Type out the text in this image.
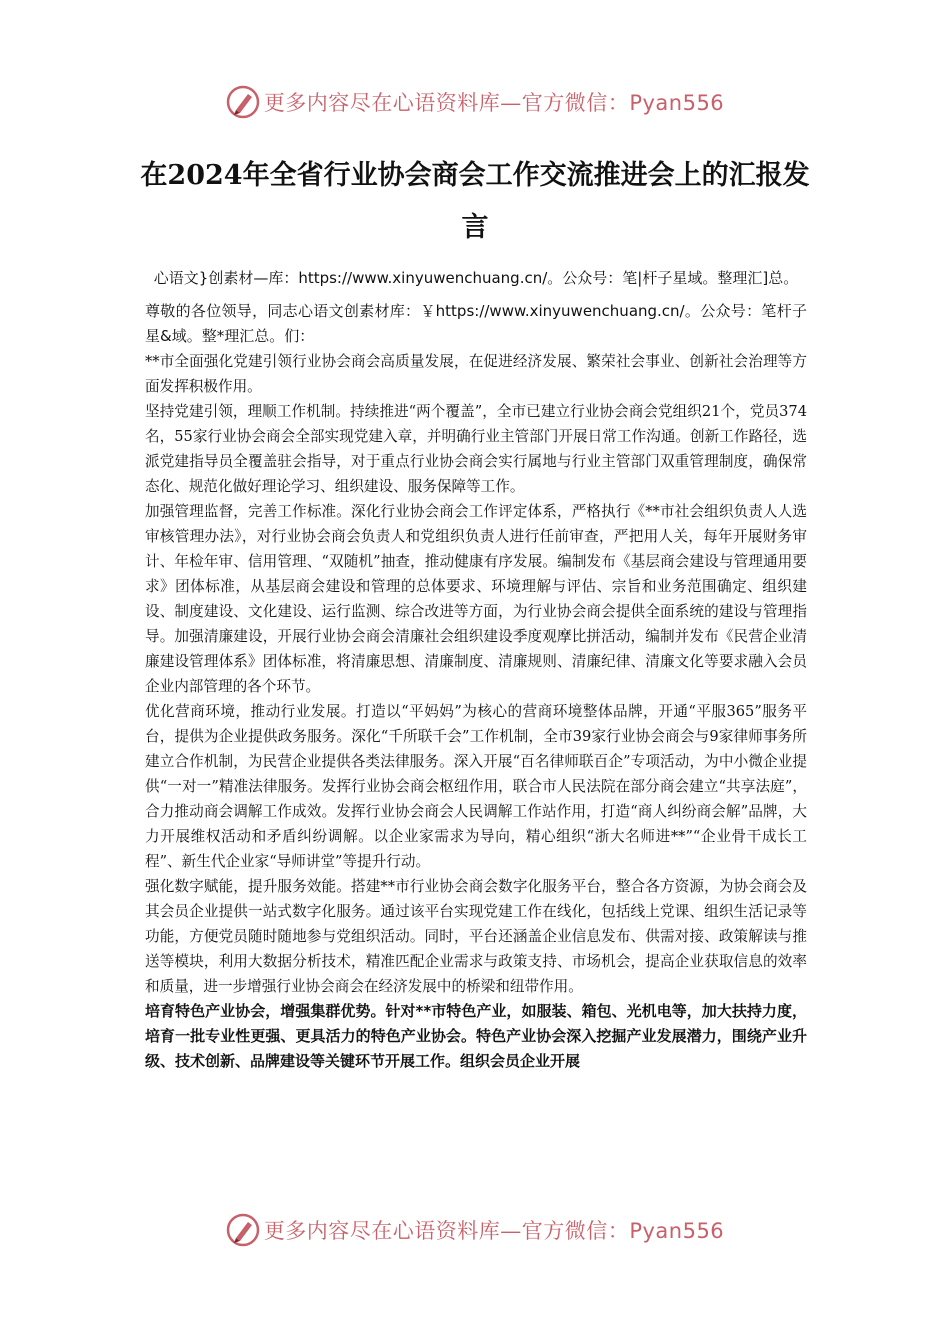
更多内容尽在心语资料库—官方微信：Pyan556
在2024年全省行业协会商会工作交流推进会上的汇报发言

心语文}创素材—库：https://www.xinyuwenchuang.cn/。公众号：笔|杆子星域。整理汇]总。

尊敬的各位领导，同志心语文创素材库：￥https://www.xinyuwenchuang.cn/。公众号：笔杆子星&域。整*理汇总。们：

**市全面强化党建引领行业协会商会高质量发展，在促进经济发展、繁荣社会事业、创新社会治理等方面发挥积极作用。

坚持党建引领，理顺工作机制。持续推进“两个覆盖”，全市已建立行业协会商会党组织21个，党员374名，55家行业协会商会全部实现党建入章，并明确行业主管部门开展日常工作沟通。创新工作路径，选派党建指导员全覆盖驻会指导，对于重点行业协会商会实行属地与行业主管部门双重管理制度，确保常态化、规范化做好理论学习、组织建设、服务保障等工作。

加强管理监督，完善工作标准。深化行业协会商会工作评定体系，严格执行《**市社会组织负责人人选审核管理办法》，对行业协会商会负责人和党组织负责人进行任前审查，严把用人关，每年开展财务审计、年检年审、信用管理、“双随机”抽查，推动健康有序发展。编制发布《基层商会建设与管理通用要求》团体标准，从基层商会建设和管理的总体要求、环境理解与评估、宗旨和业务范围确定、组织建设、制度建设、文化建设、运行监测、综合改进等方面，为行业协会商会提供全面系统的建设与管理指导。加强清廉建设，开展行业协会商会清廉社会组织建设季度观摩比拼活动，编制并发布《民营企业清廉建设管理体系》团体标准，将清廉思想、清廉制度、清廉规则、清廉纪律、清廉文化等要求融入会员企业内部管理的各个环节。

优化营商环境，推动行业发展。打造以“平妈妈”为核心的营商环境整体品牌，开通“平服365”服务平台，提供为企业提供政务服务。深化“千所联千会”工作机制，全市39家行业协会商会与9家律师事务所建立合作机制，为民营企业提供各类法律服务。深入开展“百名律师联百企”专项活动，为中小微企业提供“一对一”精准法律服务。发挥行业协会商会枢纽作用，联合市人民法院在部分商会建立“共享法庭”，合力推动商会调解工作成效。发挥行业协会商会人民调解工作站作用，打造“商人纠纷商会解”品牌，大力开展维权活动和矛盾纠纷调解。以企业家需求为导向，精心组织“浙大名师进**”“企业骨干成长工程”、新生代企业家“导师讲堂”等提升行动。

强化数字赋能，提升服务效能。搭建**市行业协会商会数字化服务平台，整合各方资源，为协会商会及其会员企业提供一站式数字化服务。通过该平台实现党建工作在线化，包括线上党课、组织生活记录等功能，方便党员随时随地参与党组织活动。同时，平台还涵盖企业信息发布、供需对接、政策解读与推送等模块，利用大数据分析技术，精准匹配企业需求与政策支持、市场机会，提高企业获取信息的效率和质量，进一步增强行业协会商会在经济发展中的桥梁和纽带作用。

培育特色产业协会，增强集群优势。针对**市特色产业，如服装、箱包、光机电等，加大扶持力度，培育一批专业性更强、更具活力的特色产业协会。特色产业协会深入挖掘产业发展潜力，围绕产业升级、技术创新、品牌建设等关键环节开展工作。组织会员企业开展

更多内容尽在心语资料库—官方微信：Pyan556
